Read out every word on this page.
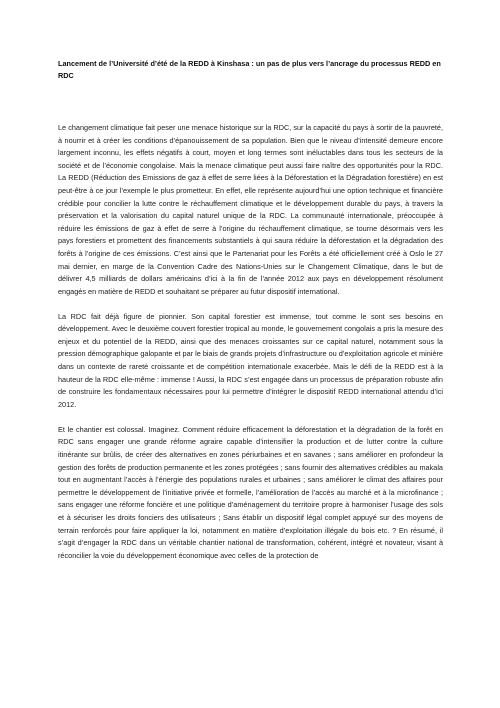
Lancement de l’Université d’été de la REDD à Kinshasa : un pas de plus vers l’ancrage du processus REDD en RDC

Le changement climatique fait peser une menace historique sur la RDC, sur la capacité du pays à sortir de la pauvreté, à nourrir et à créer les conditions d’épanouissement de sa population. Bien que le niveau d’intensité demeure encore largement inconnu, les effets négatifs à court, moyen et long termes sont inéluctables dans tous les secteurs de la société et de l’économie congolaise. Mais la menace climatique peut aussi faire naître des opportunités pour la RDC. La REDD (Réduction des Emissions de gaz à effet de serre liées à la Déforestation et la Dégradation forestière) en est peut-être à ce jour l’exemple le plus prometteur. En effet, elle représente aujourd’hui une option technique et financière crédible pour concilier la lutte contre le réchauffement climatique et le développement durable du pays, à travers la préservation et la valorisation du capital naturel unique de la RDC. La communauté internationale, préoccupée à réduire les émissions de gaz à effet de serre à l’origine du réchauffement climatique, se tourne désormais vers les pays forestiers et promettent des financements substantiels à qui saura réduire la déforestation et la dégradation des forêts à l’origine de ces émissions. C’est ainsi que le Partenariat pour les Forêts a été officiellement créé à Oslo le 27 mai dernier, en marge de la Convention Cadre des Nations-Unies sur le Changement Climatique, dans le but de délivrer 4,5 milliards de dollars américains d’ici à la fin de l’année 2012 aux pays en développement résolument engagés en matière de REDD et souhaitant se préparer au futur dispositif international.

La RDC fait déjà figure de pionnier. Son capital forestier est immense, tout comme le sont ses besoins en développement. Avec le deuxième couvert forestier tropical au monde, le gouvernement congolais a pris la mesure des enjeux et du potentiel de la REDD, ainsi que des menaces croissantes sur ce capital naturel, notamment sous la pression démographique galopante et par le biais de grands projets d’infrastructure ou d’exploitation agricole et minière dans un contexte de rareté croissante et de compétition internationale exacerbée. Mais le défi de la REDD est à la hauteur de la RDC elle-même : immense ! Aussi, la RDC s’est engagée dans un processus de préparation robuste afin de construire les fondamentaux nécessaires pour lui permettre d’intégrer le dispositif REDD international attendu d’ici 2012.

Et le chantier est colossal. Imaginez. Comment réduire efficacement la déforestation et la dégradation de la forêt en RDC sans engager une grande réforme agraire capable d’intensifier la production et de lutter contre la culture itinérante sur brûlis, de créer des alternatives en zones périurbaines et en savanes ; sans améliorer en profondeur la gestion des forêts de production permanente et les zones protégées ; sans fournir des alternatives crédibles au makala tout en augmentant l’accès à l’énergie des populations rurales et urbaines ; sans améliorer le climat des affaires pour permettre le développement de l’initiative privée et formelle, l’amélioration de l’accès au marché et à la microfinance ; sans engager une réforme foncière et une politique d’aménagement du territoire propre à harmoniser l’usage des sols et à sécuriser les droits fonciers des utilisateurs ; Sans établir un dispositif légal complet appuyé sur des moyens de terrain renforcés pour faire appliquer la loi, notamment en matière d’exploitation illégale du bois etc. ? En résumé, il s’agit d’engager la RDC dans un véritable chantier national de transformation, cohérent, intégré et novateur, visant à réconcilier la voie du développement économique avec celles de la protection de
